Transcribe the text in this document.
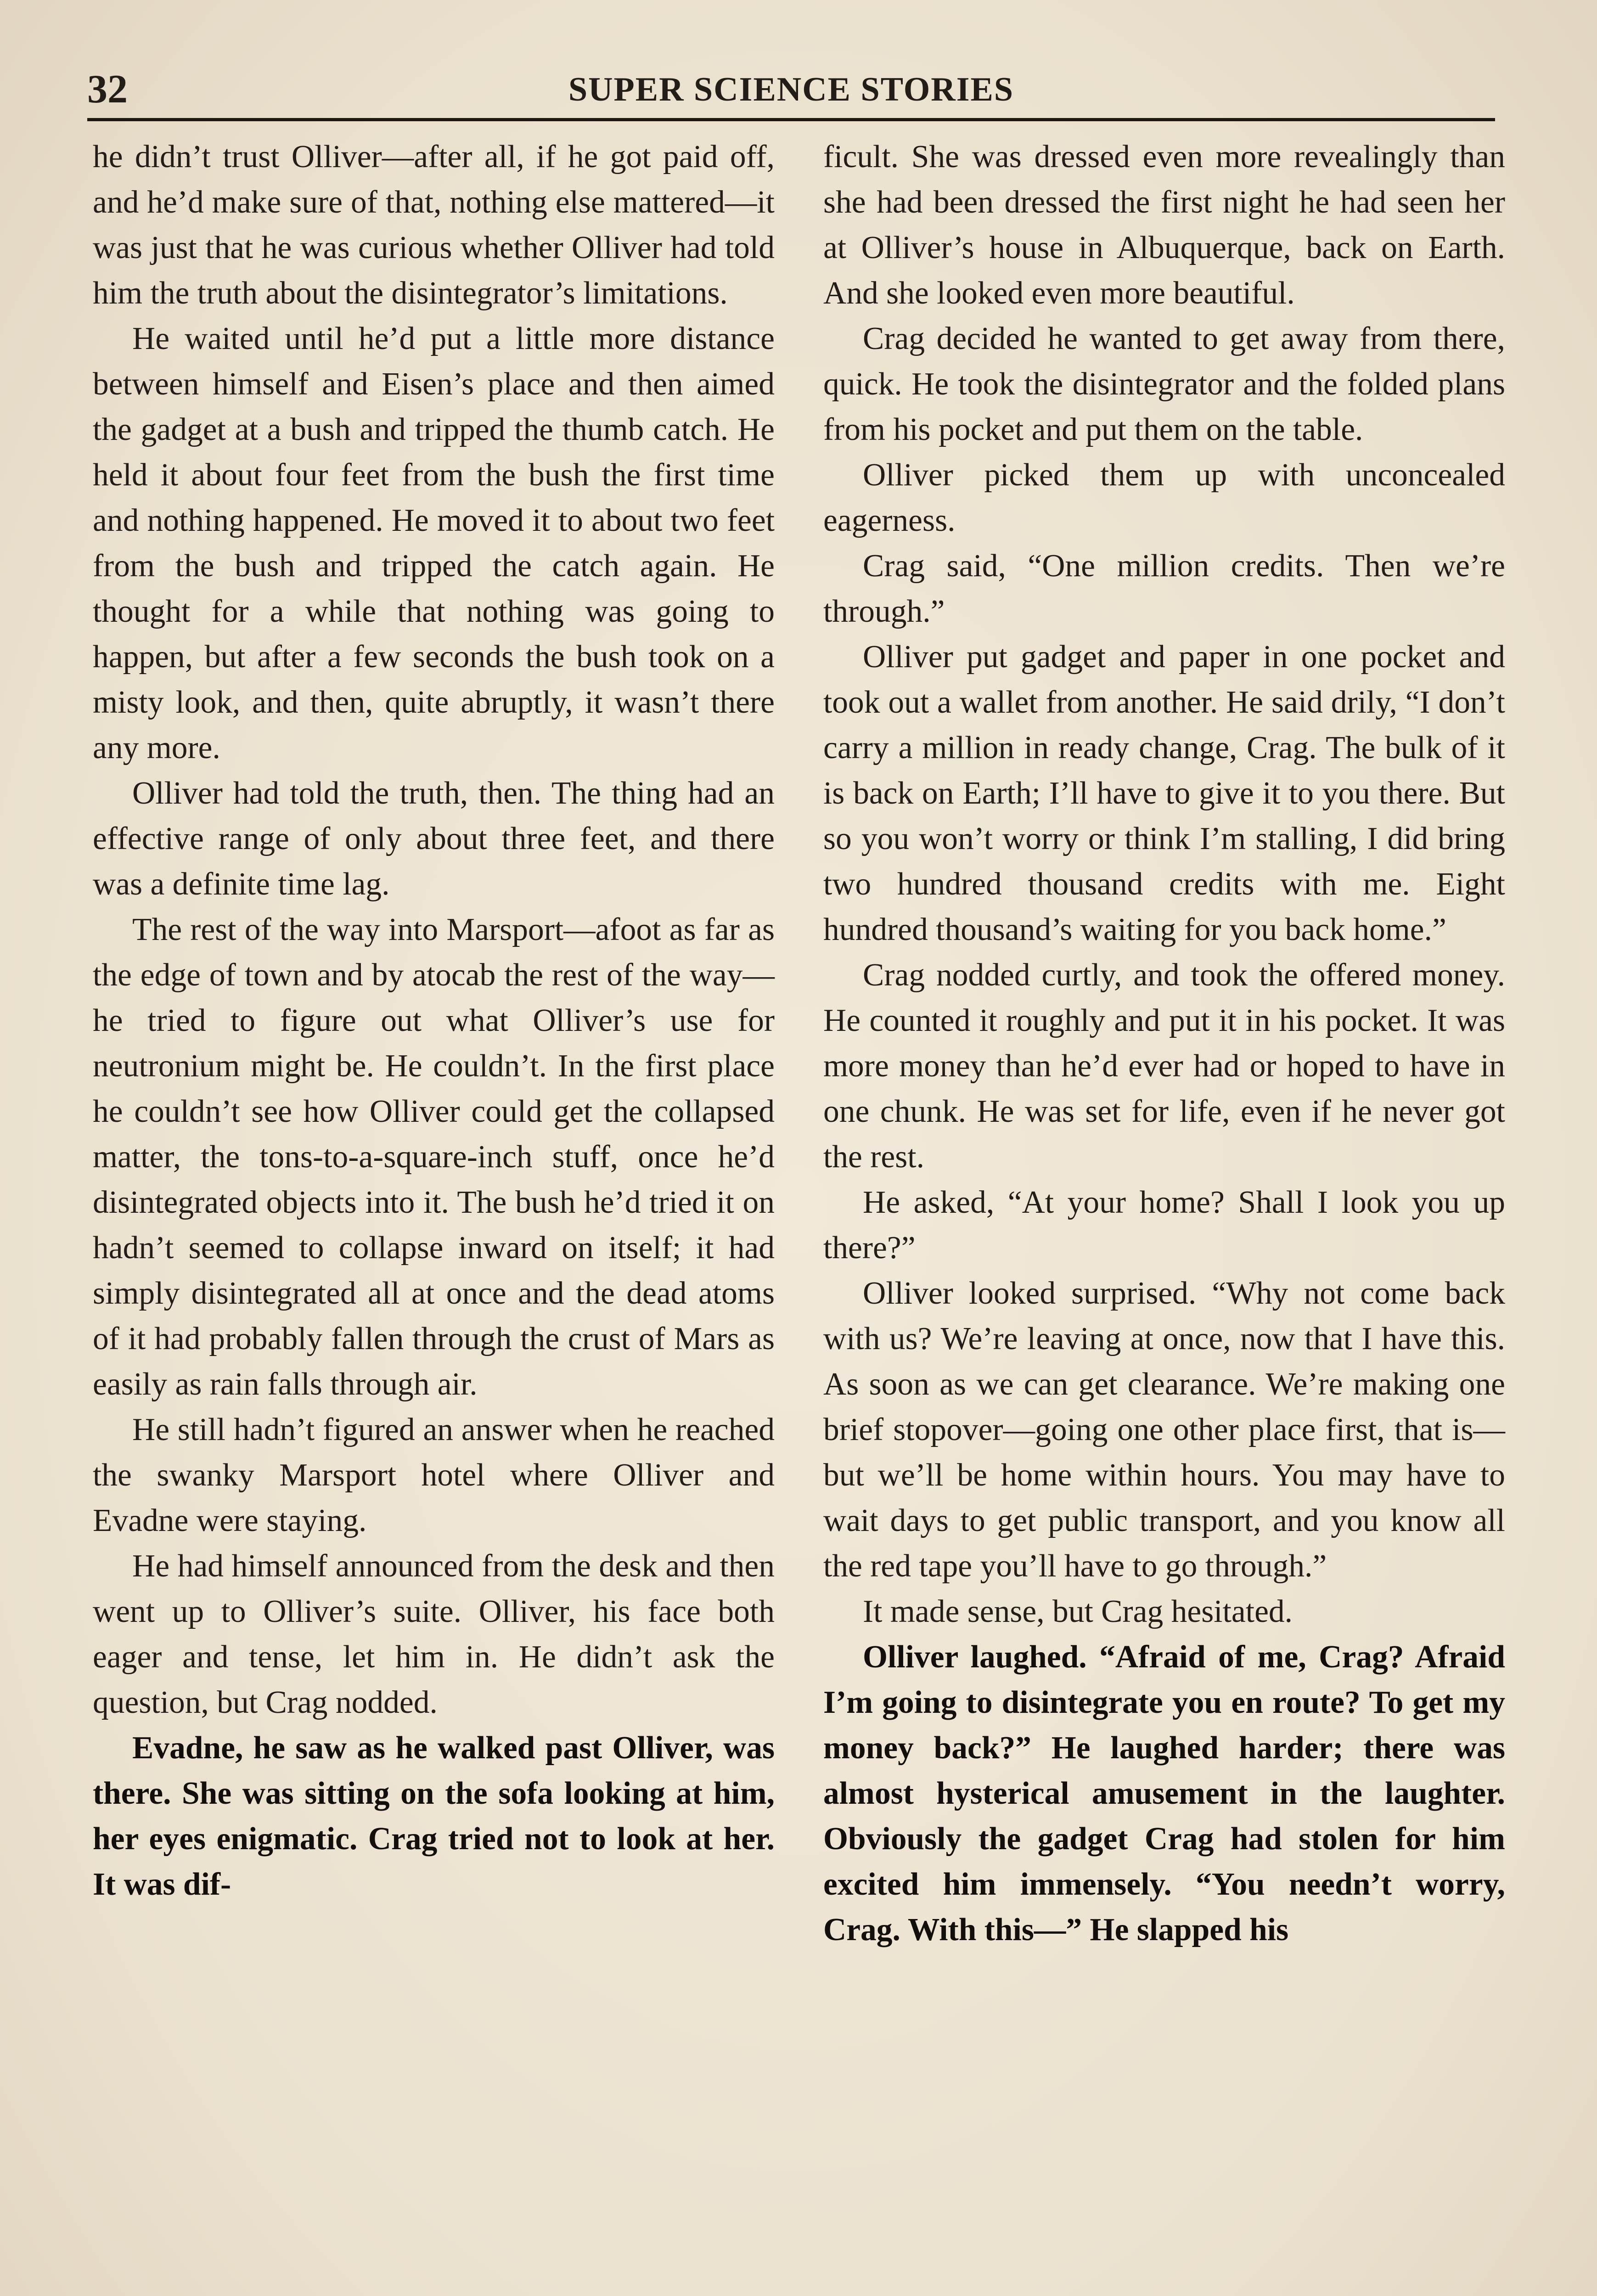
32	SUPER SCIENCE STORIES

he didn’t trust Olliver—after all, if he got paid off, and he’d make sure of that, nothing else mattered—it was just that he was curious whether Olliver had told him the truth about the disintegrator’s limitations.

He waited until he’d put a little more distance between himself and Eisen’s place and then aimed the gadget at a bush and tripped the thumb catch. He held it about four feet from the bush the first time and nothing happened. He moved it to about two feet from the bush and tripped the catch again. He thought for a while that nothing was going to happen, but after a few seconds the bush took on a misty look, and then, quite abruptly, it wasn’t there any more.

Olliver had told the truth, then. The thing had an effective range of only about three feet, and there was a definite time lag.

The rest of the way into Marsport—afoot as far as the edge of town and by atocab the rest of the way—he tried to figure out what Olliver’s use for neutronium might be. He couldn’t. In the first place he couldn’t see how Olliver could get the collapsed matter, the tons-to-a-square-inch stuff, once he’d disintegrated objects into it. The bush he’d tried it on hadn’t seemed to collapse inward on itself; it had simply disintegrated all at once and the dead atoms of it had probably fallen through the crust of Mars as easily as rain falls through air.

He still hadn’t figured an answer when he reached the swanky Marsport hotel where Olliver and Evadne were staying.

He had himself announced from the desk and then went up to Olliver’s suite. Olliver, his face both eager and tense, let him in. He didn’t ask the question, but Crag nodded.

Evadne, he saw as he walked past Olliver, was there. She was sitting on the sofa looking at him, her eyes enigmatic. Crag tried not to look at her. It was dif-

ficult. She was dressed even more revealingly than she had been dressed the first night he had seen her at Olliver’s house in Albuquerque, back on Earth. And she looked even more beautiful.

Crag decided he wanted to get away from there, quick. He took the disintegrator and the folded plans from his pocket and put them on the table.

Olliver picked them up with unconcealed eagerness.

Crag said, “One million credits. Then we’re through.”

Olliver put gadget and paper in one pocket and took out a wallet from another. He said drily, “I don’t carry a million in ready change, Crag. The bulk of it is back on Earth; I’ll have to give it to you there. But so you won’t worry or think I’m stalling, I did bring two hundred thousand credits with me. Eight hundred thousand’s waiting for you back home.”

Crag nodded curtly, and took the offered money. He counted it roughly and put it in his pocket. It was more money than he’d ever had or hoped to have in one chunk. He was set for life, even if he never got the rest.

He asked, “At your home? Shall I look you up there?”

Olliver looked surprised. “Why not come back with us? We’re leaving at once, now that I have this. As soon as we can get clearance. We’re making one brief stopover—going one other place first, that is—but we’ll be home within hours. You may have to wait days to get public transport, and you know all the red tape you’ll have to go through.”

It made sense, but Crag hesitated.

Olliver laughed. “Afraid of me, Crag? Afraid I’m going to disintegrate you en route? To get my money back?” He laughed harder; there was almost hysterical amusement in the laughter. Obviously the gadget Crag had stolen for him excited him immensely. “You needn’t worry, Crag. With this—” He slapped his
